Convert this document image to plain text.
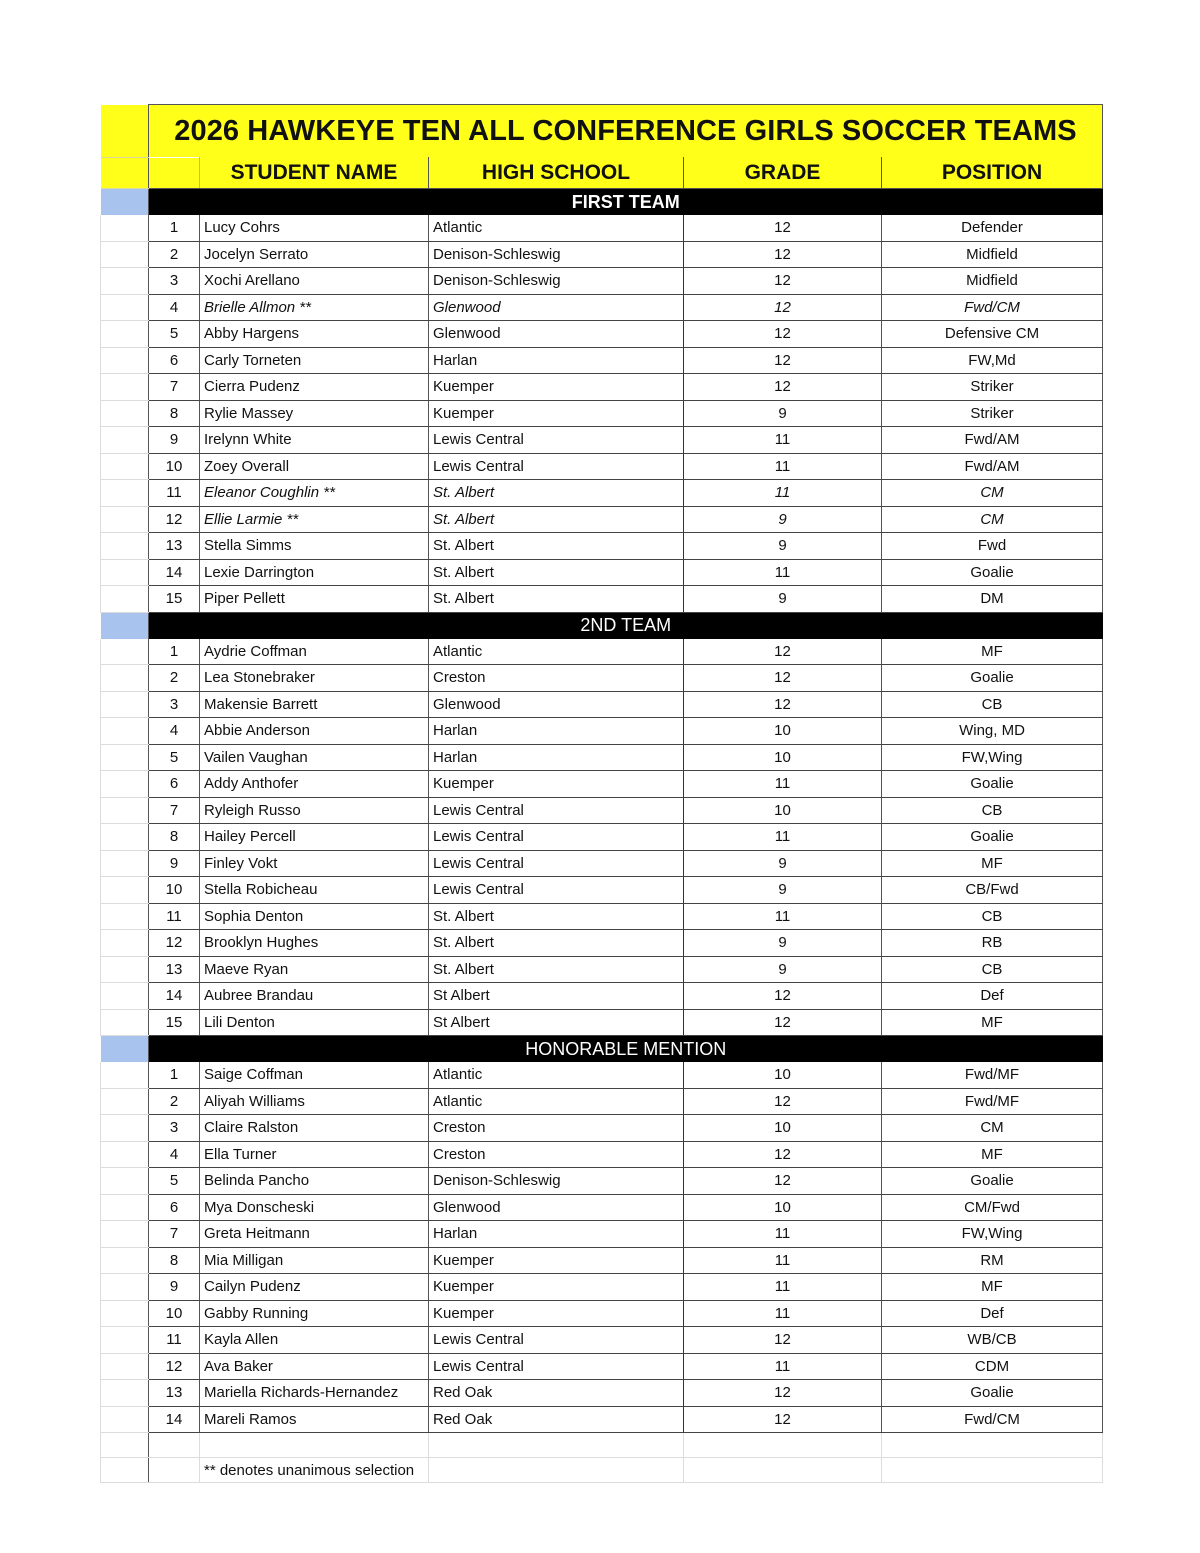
	2026 HAWKEYE TEN ALL CONFERENCE GIRLS SOCCER TEAMS				
		STUDENT NAME	HIGH SCHOOL	GRADE	POSITION
	FIRST TEAM				
	1	Lucy Cohrs	Atlantic	12	Defender
	2	Jocelyn Serrato	Denison-Schleswig	12	Midfield
	3	Xochi Arellano	Denison-Schleswig	12	Midfield
	4	Brielle Allmon **	Glenwood	12	Fwd/CM
	5	Abby Hargens	Glenwood	12	Defensive CM
	6	Carly Torneten	Harlan	12	FW,Md
	7	Cierra Pudenz	Kuemper	12	Striker
	8	Rylie Massey	Kuemper	9	Striker
	9	Irelynn White	Lewis Central	11	Fwd/AM
	10	Zoey Overall	Lewis Central	11	Fwd/AM
	11	Eleanor Coughlin **	St. Albert	11	CM
	12	Ellie Larmie **	St. Albert	9	CM
	13	Stella Simms	St. Albert	9	Fwd
	14	Lexie Darrington	St. Albert	11	Goalie
	15	Piper Pellett	St. Albert	9	DM
	2ND TEAM				
	1	Aydrie Coffman	Atlantic	12	MF
	2	Lea Stonebraker	Creston	12	Goalie
	3	Makensie Barrett	Glenwood	12	CB
	4	Abbie Anderson	Harlan	10	Wing, MD
	5	Vailen Vaughan	Harlan	10	FW,Wing
	6	Addy Anthofer	Kuemper	11	Goalie
	7	Ryleigh Russo	Lewis Central	10	CB
	8	Hailey Percell	Lewis Central	11	Goalie
	9	Finley Vokt	Lewis Central	9	MF
	10	Stella Robicheau	Lewis Central	9	CB/Fwd
	11	Sophia Denton	St. Albert	11	CB
	12	Brooklyn Hughes	St. Albert	9	RB
	13	Maeve Ryan	St. Albert	9	CB
	14	Aubree Brandau	St Albert	12	Def
	15	Lili Denton	St Albert	12	MF
	HONORABLE MENTION				
	1	Saige Coffman	Atlantic	10	Fwd/MF
	2	Aliyah Williams	Atlantic	12	Fwd/MF
	3	Claire Ralston	Creston	10	CM
	4	Ella Turner	Creston	12	MF
	5	Belinda Pancho	Denison-Schleswig	12	Goalie
	6	Mya Donscheski	Glenwood	10	CM/Fwd
	7	Greta Heitmann	Harlan	11	FW,Wing
	8	Mia Milligan	Kuemper	11	RM
	9	Cailyn Pudenz	Kuemper	11	MF
	10	Gabby Running	Kuemper	11	Def
	11	Kayla Allen	Lewis Central	12	WB/CB
	12	Ava Baker	Lewis Central	11	CDM
	13	Mariella Richards-Hernandez	Red Oak	12	Goalie
	14	Mareli Ramos	Red Oak	12	Fwd/CM

		** denotes unanimous selection			
